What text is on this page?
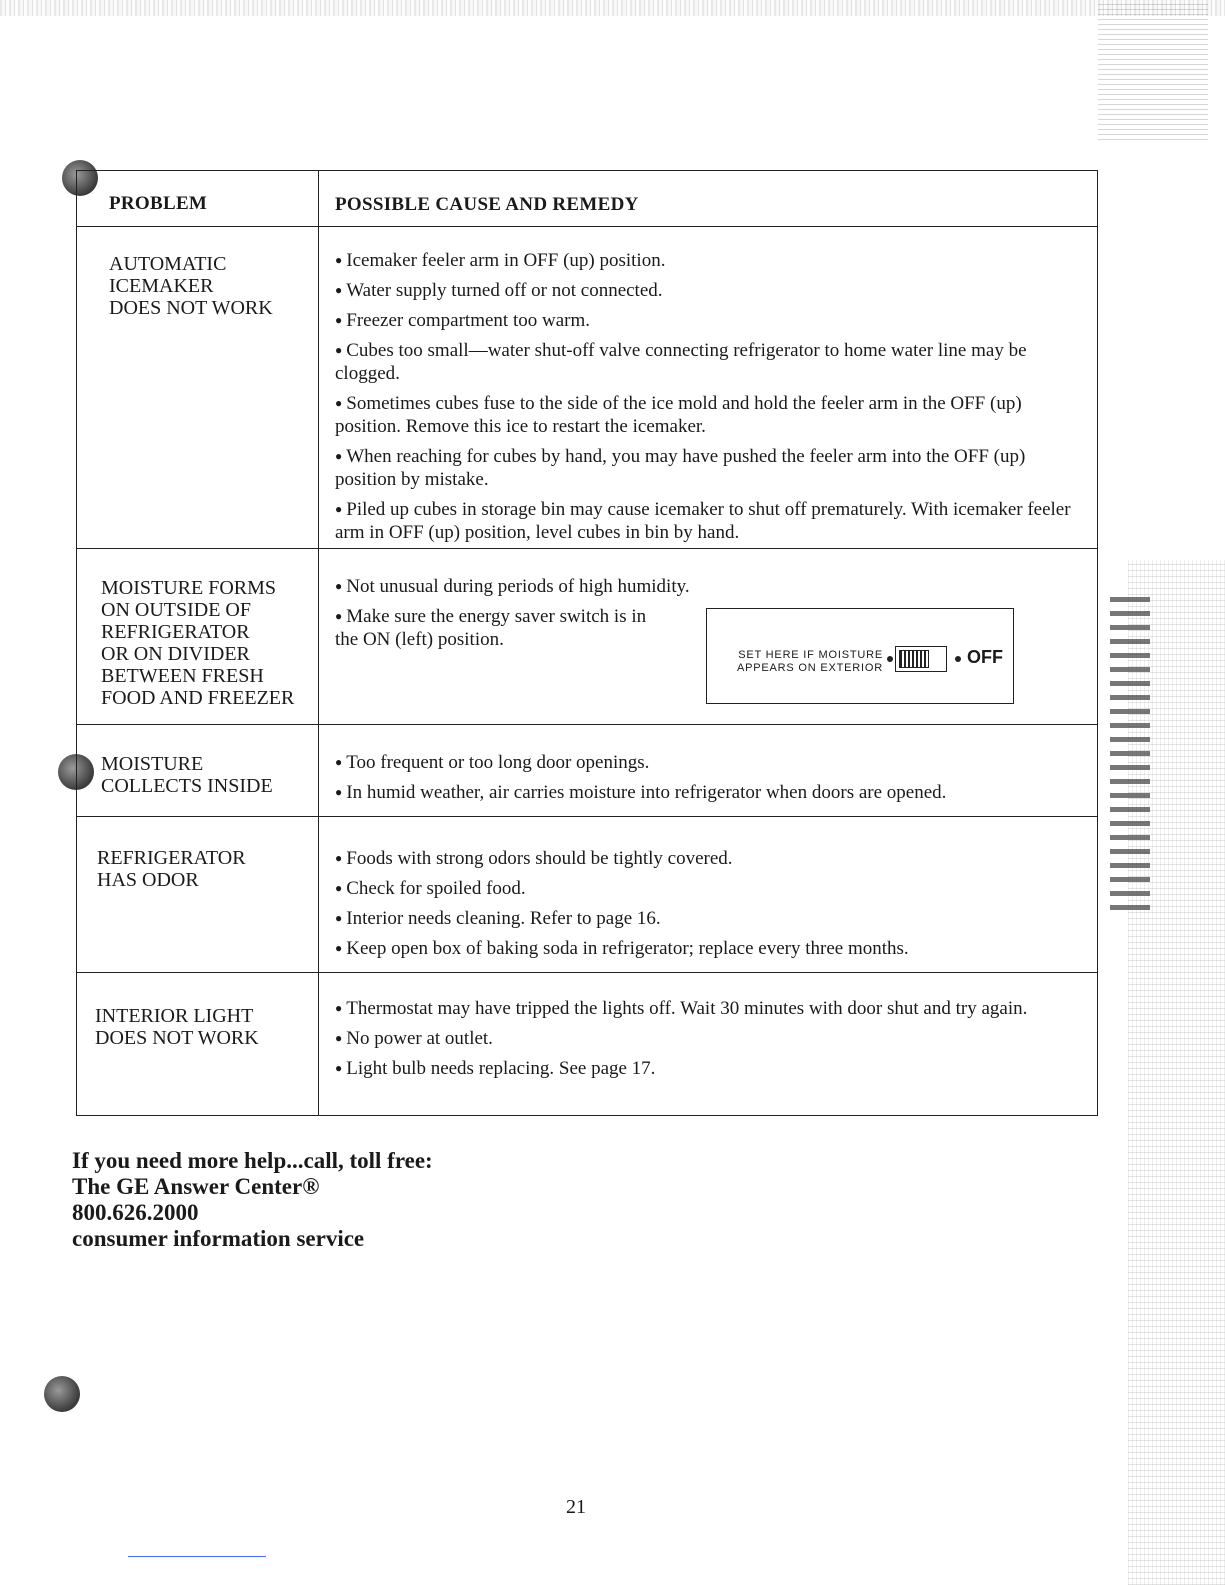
PROBLEM	POSSIBLE CAUSE AND REMEDY
AUTOMATIC
ICEMAKER
DOES NOT WORK
● Icemaker feeler arm in OFF (up) position.
● Water supply turned off or not connected.
● Freezer compartment too warm.
● Cubes too small—water shut-off valve connecting refrigerator to home water line may be clogged.
● Sometimes cubes fuse to the side of the ice mold and hold the feeler arm in the OFF (up) position. Remove this ice to restart the icemaker.
● When reaching for cubes by hand, you may have pushed the feeler arm into the OFF (up) position by mistake.
● Piled up cubes in storage bin may cause icemaker to shut off prematurely. With icemaker feeler arm in OFF (up) position, level cubes in bin by hand.
MOISTURE FORMS
ON OUTSIDE OF
REFRIGERATOR
OR ON DIVIDER
BETWEEN FRESH
FOOD AND FREEZER
● Not unusual during periods of high humidity.
● Make sure the energy saver switch is in the ON (left) position.
MOISTURE
COLLECTS INSIDE
● Too frequent or too long door openings.
● In humid weather, air carries moisture into refrigerator when doors are opened.
REFRIGERATOR
HAS ODOR
● Foods with strong odors should be tightly covered.
● Check for spoiled food.
● Interior needs cleaning. Refer to page 16.
● Keep open box of baking soda in refrigerator; replace every three months.
INTERIOR LIGHT
DOES NOT WORK
● Thermostat may have tripped the lights off. Wait 30 minutes with door shut and try again.
● No power at outlet.
● Light bulb needs replacing. See page 17.
SET HERE IF MOISTURE APPEARS ON EXTERIOR
OFF
If you need more help...call, toll free:
The GE Answer Center®
800.626.2000
consumer information service
21
